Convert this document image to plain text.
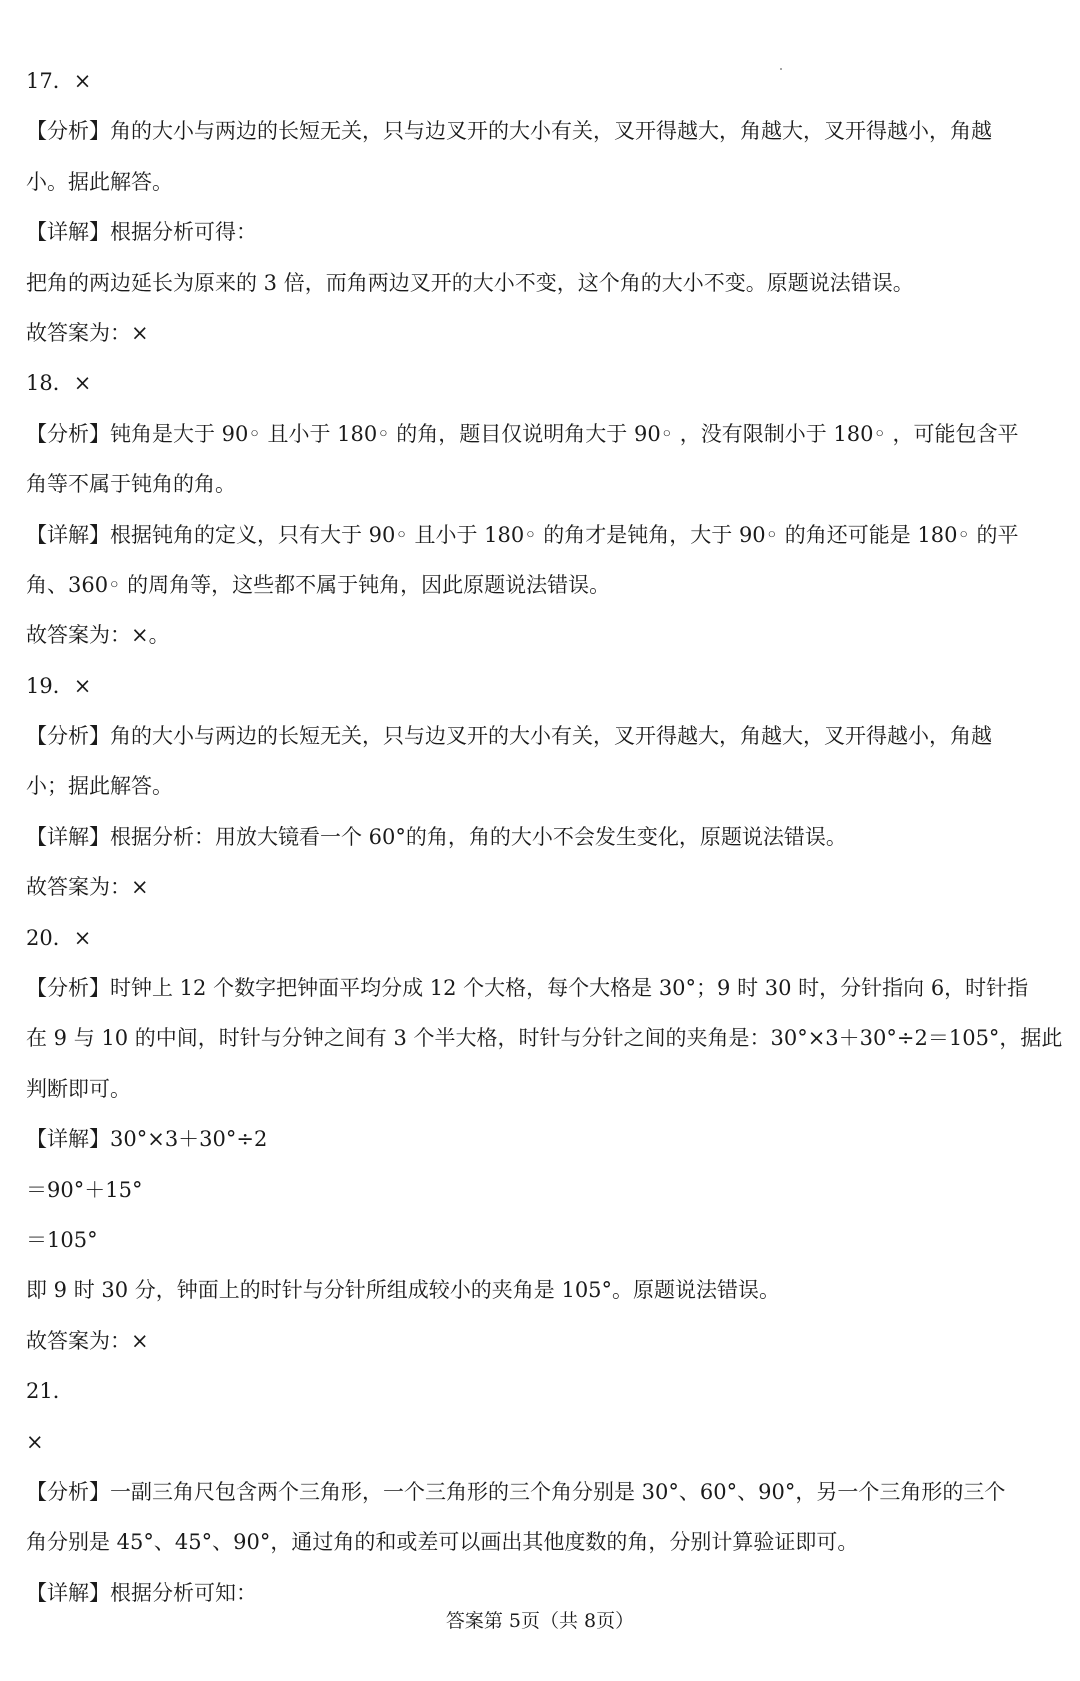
17．×
【分析】角的大小与两边的长短无关，只与边叉开的大小有关，叉开得越大，角越大，叉开得越小，角越
小。据此解答。
【详解】根据分析可得：
把角的两边延长为原来的 3 倍，而角两边叉开的大小不变，这个角的大小不变。原题说法错误。
故答案为：×
18．×
【分析】钝角是大于 90◦ 且小于 180◦ 的角，题目仅说明角大于 90◦ ，没有限制小于 180◦ ，可能包含平
角等不属于钝角的角。
【详解】根据钝角的定义，只有大于 90◦ 且小于 180◦ 的角才是钝角，大于 90◦ 的角还可能是 180◦ 的平
角、360◦ 的周角等，这些都不属于钝角，因此原题说法错误。
故答案为：×。
19．×
【分析】角的大小与两边的长短无关，只与边叉开的大小有关，叉开得越大，角越大，叉开得越小，角越
小；据此解答。
【详解】根据分析：用放大镜看一个 60°的角，角的大小不会发生变化，原题说法错误。
故答案为：×
20．×
【分析】时钟上 12 个数字把钟面平均分成 12 个大格，每个大格是 30°；9 时 30 时，分针指向 6，时针指
在 9 与 10 的中间，时针与分钟之间有 3 个半大格，时针与分针之间的夹角是：30°×3＋30°÷2＝105°，据此
判断即可。
【详解】30°×3＋30°÷2
＝90°＋15°
＝105°
即 9 时 30 分，钟面上的时针与分针所组成较小的夹角是 105°。原题说法错误。
故答案为：×
21．
×
【分析】一副三角尺包含两个三角形，一个三角形的三个角分别是 30°、60°、90°，另一个三角形的三个
角分别是 45°、45°、90°，通过角的和或差可以画出其他度数的角，分别计算验证即可。
【详解】根据分析可知：
答案第 5页（共 8页）
